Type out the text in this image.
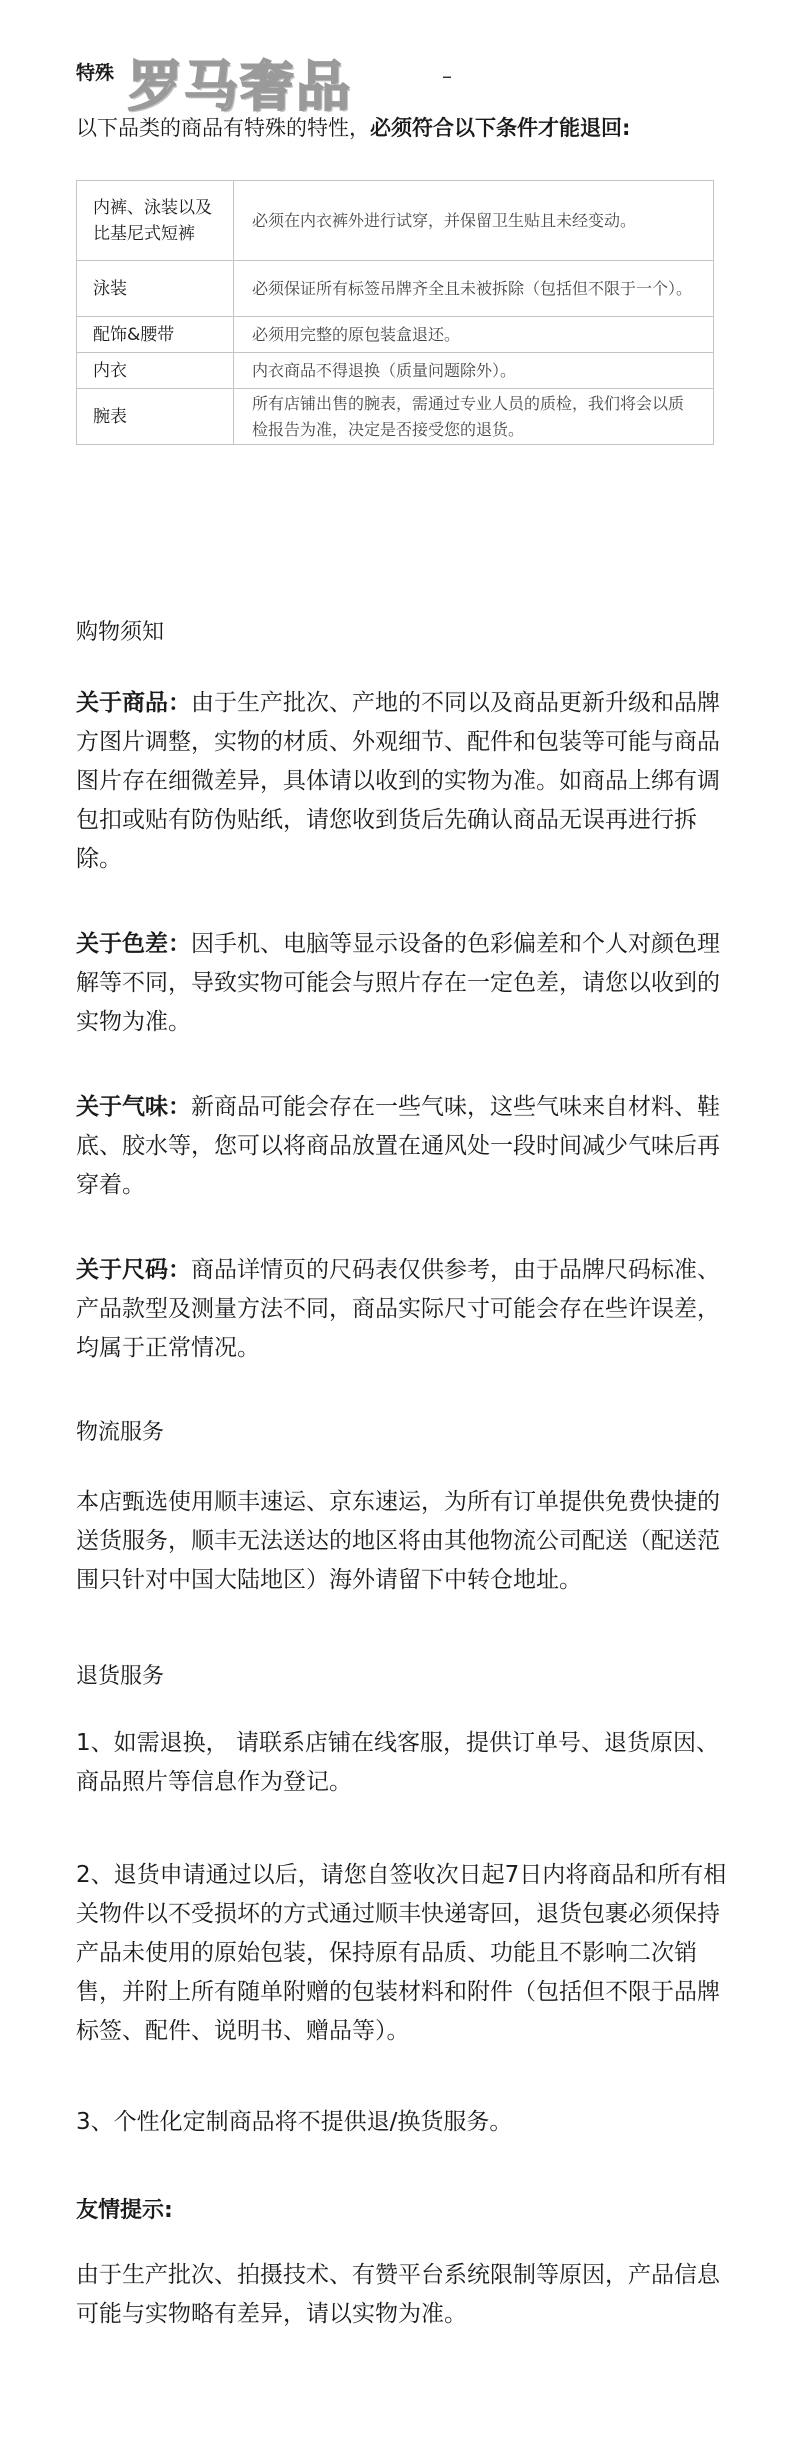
特殊 罗马奢品	–
以下品类的商品有特殊的特性，必须符合以下条件才能退回:
内裤、泳装以及比基尼式短裤	必须在内衣裤外进行试穿，并保留卫生贴且未经变动。
泳装	必须保证所有标签吊牌齐全且未被拆除（包括但不限于一个）。
配饰&腰带	必须用完整的原包装盒退还。
内衣	内衣商品不得退换（质量问题除外）。
腕表	所有店铺出售的腕表，需通过专业人员的质检，我们将会以质检报告为准，决定是否接受您的退货。
购物须知
关于商品：由于生产批次、产地的不同以及商品更新升级和品牌方图片调整，实物的材质、外观细节、配件和包装等可能与商品图片存在细微差异，具体请以收到的实物为准。如商品上绑有调包扣或贴有防伪贴纸，请您收到货后先确认商品无误再进行拆除。
关于色差：因手机、电脑等显示设备的色彩偏差和个人对颜色理解等不同，导致实物可能会与照片存在一定色差，请您以收到的实物为准。
关于气味：新商品可能会存在一些气味，这些气味来自材料、鞋底、胶水等，您可以将商品放置在通风处一段时间减少气味后再穿着。
关于尺码：商品详情页的尺码表仅供参考，由于品牌尺码标准、产品款型及测量方法不同，商品实际尺寸可能会存在些许误差，均属于正常情况。
物流服务
本店甄选使用顺丰速运、京东速运，为所有订单提供免费快捷的送货服务，顺丰无法送达的地区将由其他物流公司配送（配送范围只针对中国大陆地区）海外请留下中转仓地址。
退货服务
1、如需退换， 请联系店铺在线客服，提供订单号、退货原因、商品照片等信息作为登记。
2、退货申请通过以后，请您自签收次日起7日内将商品和所有相关物件以不受损坏的方式通过顺丰快递寄回，退货包裹必须保持产品未使用的原始包装，保持原有品质、功能且不影响二次销售，并附上所有随单附赠的包装材料和附件（包括但不限于品牌标签、配件、说明书、赠品等）。
3、个性化定制商品将不提供退/换货服务。
友情提示:
由于生产批次、拍摄技术、有赞平台系统限制等原因，产品信息可能与实物略有差异，请以实物为准。
